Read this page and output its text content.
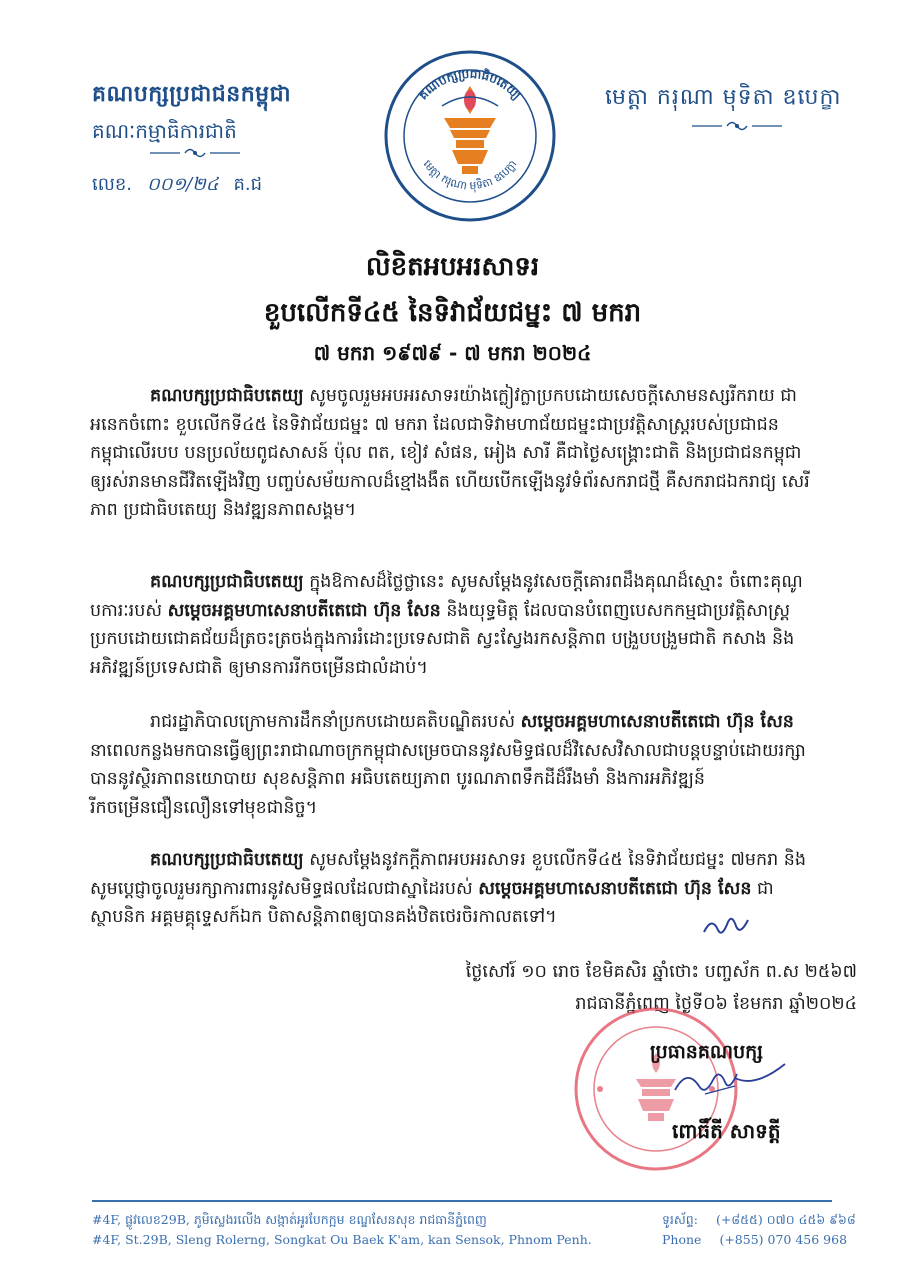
គណបក្សប្រជាជនកម្ពុជា
គណៈកម្មាធិការជាតិ
លេខ. ០០១/២៤ គ.ជ
គណបក្សប្រជាធិបតេយ្យ
មេត្តា ករុណា មុទិតា ឧបេក្ខា
មេត្តា ករុណា មុទិតា ឧបេក្ខា
លិខិតអបអរសាទរ
ខួបលើកទី៤៥ នៃទិវាជ័យជម្នះ ៧ មករា
៧ មករា ១៩៧៩ - ៧ មករា ២០២៤
គណបក្សប្រជាធិបតេយ្យ សូមចូលរួមអបអរសាទរយ៉ាងក្លៀវក្លាប្រកបដោយសេចក្តីសោមនស្សរីករាយ ជាអនេកចំពោះ ខួបលើកទី៤៥ នៃទិវាជ័យជម្នះ ៧ មករា ដែលជាទិវាមហាជ័យជម្នះជាប្រវត្តិសាស្ត្ររបស់ប្រជាជនកម្ពុជាលើរបប បនប្រល័យពូជសាសន៍ ប៉ុល ពត, ខៀវ សំផន, អៀង សារី គឺជាថ្ងៃសង្គ្រោះជាតិ និងប្រជាជនកម្ពុជាឲ្យរស់រានមានជីវិតឡើងវិញ បញ្ចប់សម័យកាលដ៏ខ្មៅងងឹត ហើយបើកឡើងនូវទំព័រសករាជថ្មី គឺសករាជឯករាជ្យ សេរីភាព ប្រជាធិបតេយ្យ និងវឌ្ឍនភាពសង្គម។
គណបក្សប្រជាធិបតេយ្យ ក្នុងឱកាសដ៏ថ្លៃថ្លានេះ សូមសម្តែងនូវសេចក្តីគោរពដឹងគុណដ៏ស្មោះ ចំពោះគុណូបការៈរបស់ សម្តេចអគ្គមហាសេនាបតីតេជោ ហ៊ុន សែន និងយុទ្ធមិត្ត ដែលបានបំពេញបេសកកម្មជាប្រវត្តិសាស្ត្រប្រកបដោយជោគជ័យដ៏ត្រចះត្រចង់ក្នុងការរំដោះប្រទេសជាតិ ស្វះស្វែងរកសន្តិភាព បង្រួបបង្រួមជាតិ កសាង និងអភិវឌ្ឍន៍ប្រទេសជាតិ ឲ្យមានការរីកចម្រើនជាលំដាប់។
រាជរដ្ឋាភិបាលក្រោមការដឹកនាំប្រកបដោយគតិបណ្ឌិតរបស់ សម្តេចអគ្គមហាសេនាបតីតេជោ ហ៊ុន សែន នាពេលកន្លងមកបានធ្វើឲ្យព្រះរាជាណាចក្រកម្ពុជាសម្រេចបាននូវសមិទ្ធផលដ៏វិសេសវិសាលជាបន្តបន្ទាប់ដោយរក្សាបាននូវស្ថិរភាពនយោបាយ សុខសន្តិភាព អធិបតេយ្យភាព បូរណភាពទឹកដីដ៏រឹងមាំ និងការអភិវឌ្ឍន៍រីកចម្រើនជឿនលឿនទៅមុខជានិច្ច។
គណបក្សប្រជាធិបតេយ្យ សូមសម្តែងនូវកក្តីភាពអបអរសាទរ ខួបលើកទី៤៥ នៃទិវាជ័យជម្នះ ៧មករា និងសូមប្តេជ្ញាចូលរួមរក្សាការពារនូវសមិទ្ធផលដែលជាស្នាដៃរបស់ សម្តេចអគ្គមហាសេនាបតីតេជោ ហ៊ុន សែន ជាស្ថាបនិក អគ្គមគ្គុទ្ទេសក៍ឯក បិតាសន្តិភាពឲ្យបានគង់ឋិតថេរចិរកាលតទៅ។
ថ្ងៃសៅរ៍ ១០ រោច ខែមិគសិរ ឆ្នាំថោះ បញ្ចស័ក ព.ស ២៥៦៧
រាជធានីភ្នំពេញ ថ្ងៃទី០៦ ខែមករា ឆ្នាំ២០២៤
ប្រធានគណបក្ស
ពោធិ៍តី សាទត្តី
#4F, ផ្លូវលេខ29B, ភូមិស្លេងរលើង សង្កាត់អូរបែកក្អម ខណ្ឌសែនសុខ រាជធានីភ្នំពេញ
#4F, St.29B, Sleng Rolerng, Songkat Ou Baek K'am, kan Sensok, Phnom Penh.
ទូរស័ព្ទ: (+៨៥៥) ០៧០ ៤៥៦ ៩៦៨
Phone (+855) 070 456 968
